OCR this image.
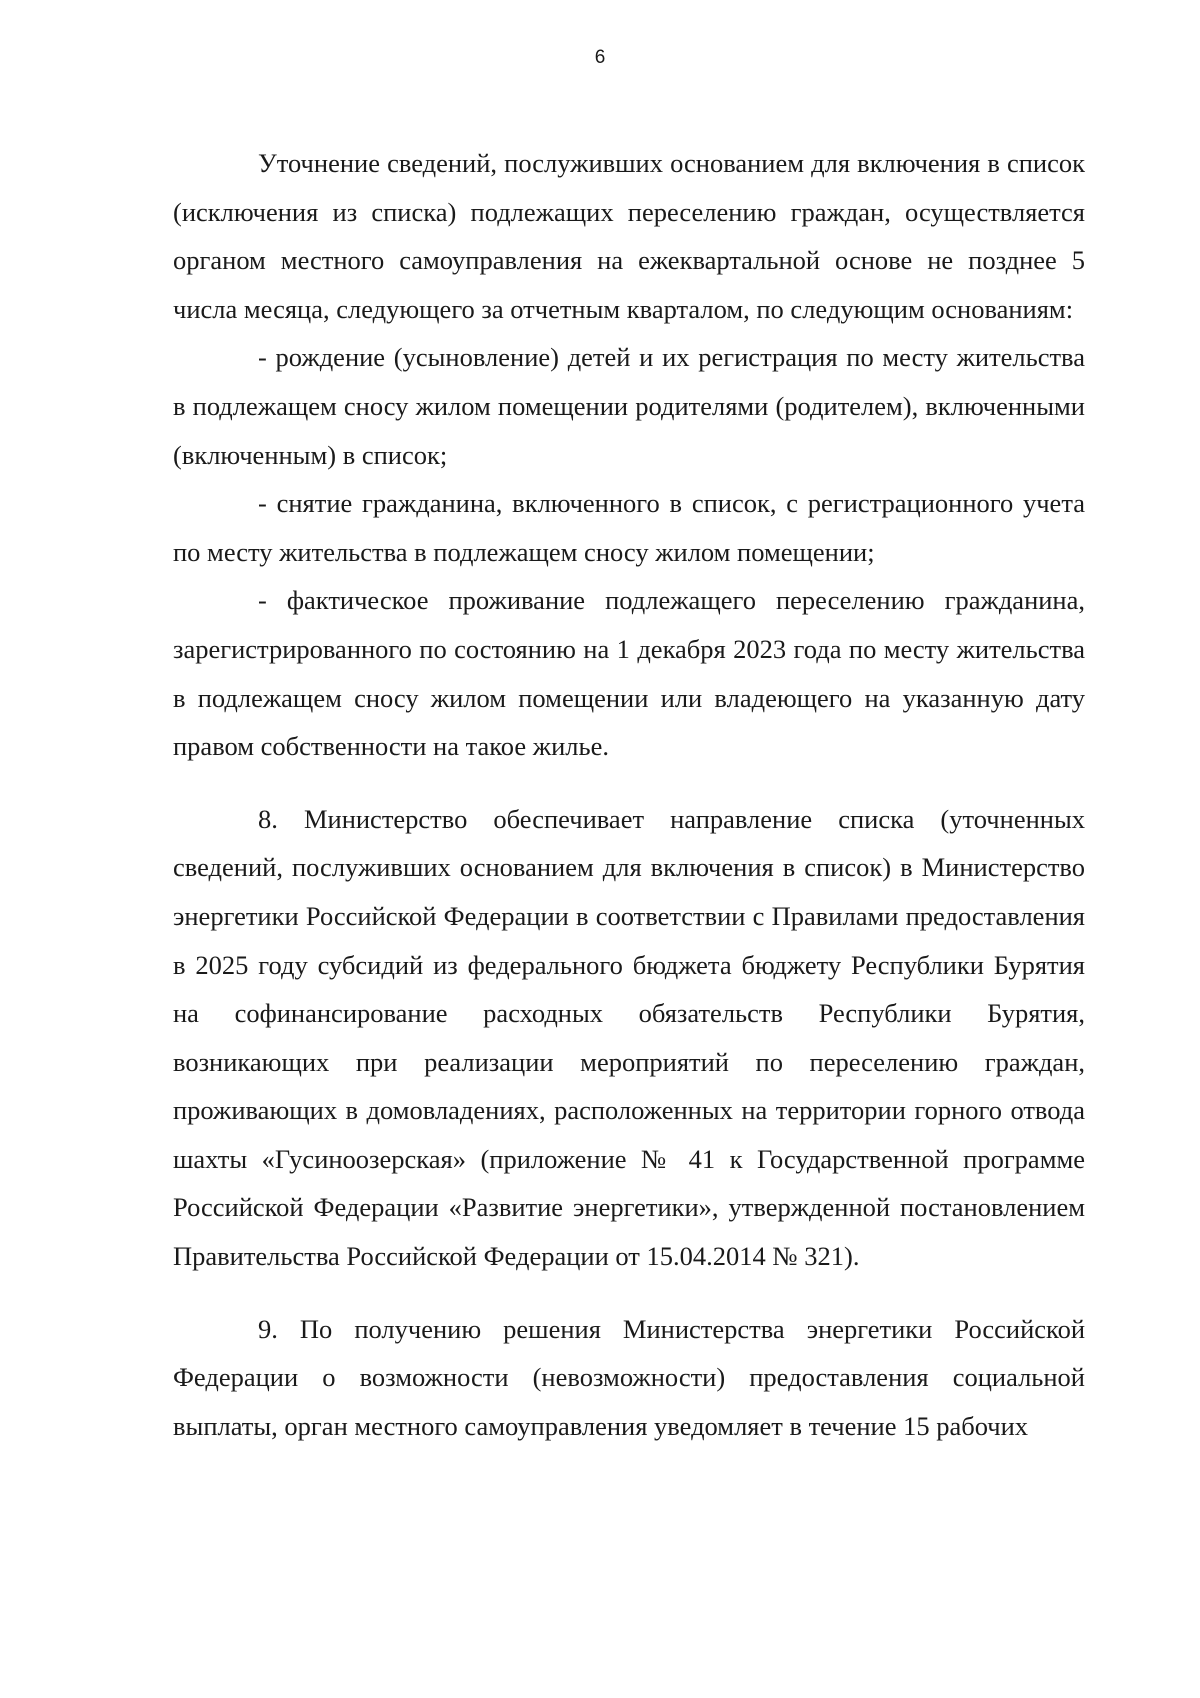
6

Уточнение сведений, послуживших основанием для включения в список (исключения из списка) подлежащих переселению граждан, осуществляется органом местного самоуправления на ежеквартальной основе не позднее 5 числа месяца, следующего за отчетным кварталом, по следующим основаниям:

- рождение (усыновление) детей и их регистрация по месту жительства в подлежащем сносу жилом помещении родителями (родителем), включенными (включенным) в список;

- снятие гражданина, включенного в список, с регистрационного учета по месту жительства в подлежащем сносу жилом помещении;

- фактическое проживание подлежащего переселению гражданина, зарегистрированного по состоянию на 1 декабря 2023 года по месту жительства в подлежащем сносу жилом помещении или владеющего на указанную дату правом собственности на такое жилье.

8. Министерство обеспечивает направление списка (уточненных сведений, послуживших основанием для включения в список) в Министерство энергетики Российской Федерации в соответствии с Правилами предоставления в 2025 году субсидий из федерального бюджета бюджету Республики Бурятия на софинансирование расходных обязательств Республики Бурятия, возникающих при реализации мероприятий по переселению граждан, проживающих в домовладениях, расположенных на территории горного отвода шахты «Гусиноозерская» (приложение № 41 к Государственной программе Российской Федерации «Развитие энергетики», утвержденной постановлением Правительства Российской Федерации от 15.04.2014 № 321).

9. По получению решения Министерства энергетики Российской Федерации о возможности (невозможности) предоставления социальной выплаты, орган местного самоуправления уведомляет в течение 15 рабочих
